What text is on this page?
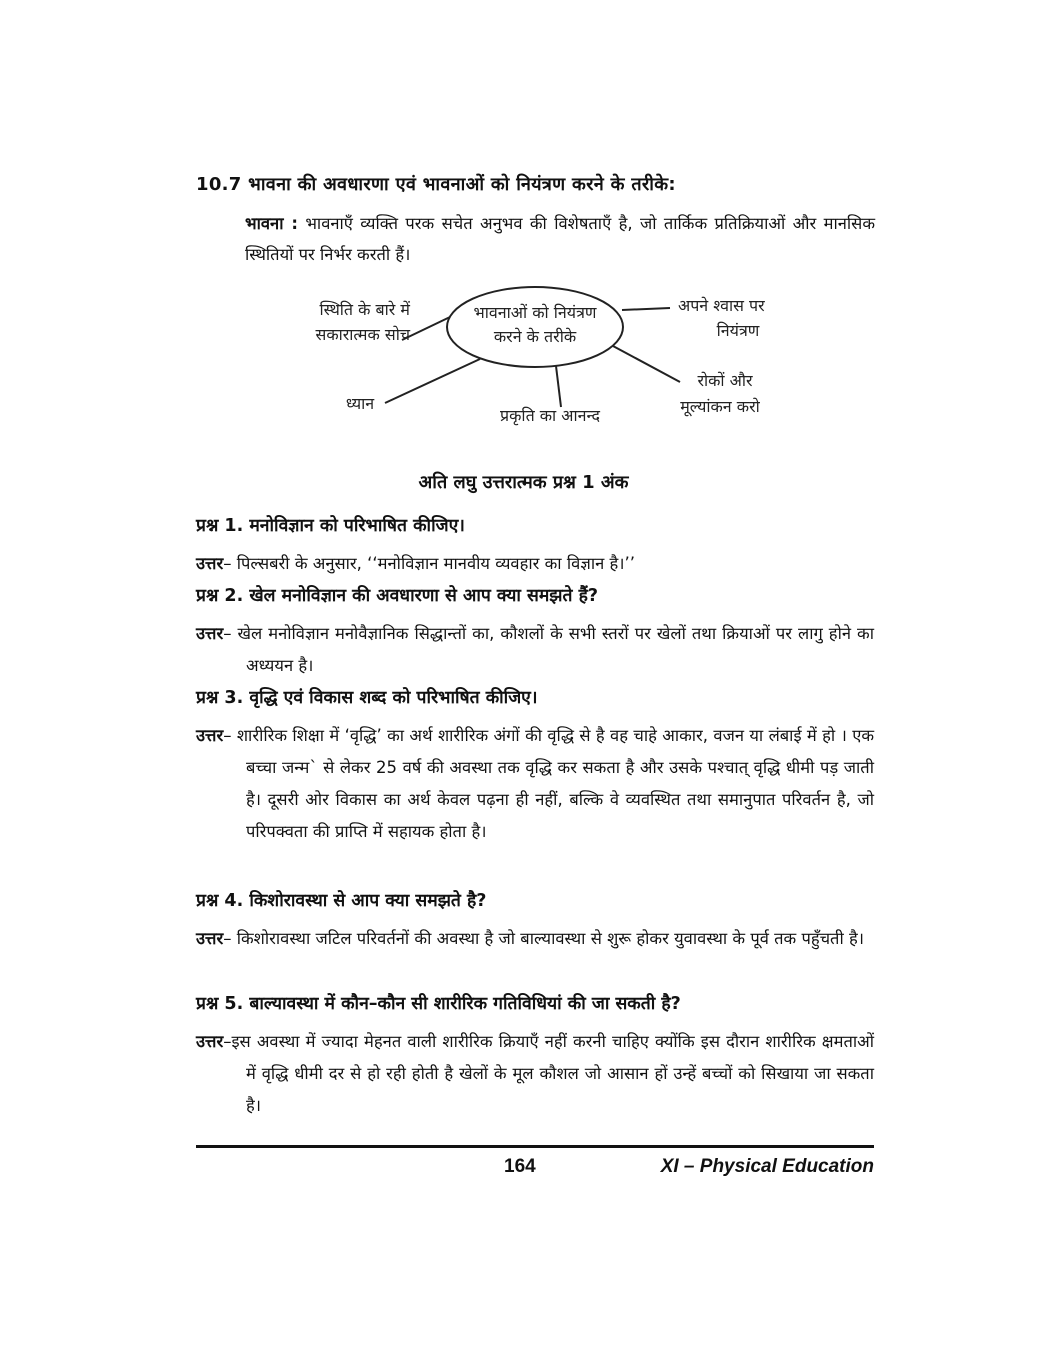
10.7 भावना की अवधारणा एवं भावनाओं को नियंत्रण करने के तरीके:
भावना : भावनाएँ व्यक्ति परक सचेत अनुभव की विशेषताएँ है, जो तार्किक प्रतिक्रियाओं और मानसिक स्थितियों पर निर्भर करती हैं।
भावनाओं को नियंत्रण
करने के तरीके
स्थिति के बारे में
सकारात्मक सोच
अपने श्वास पर
नियंत्रण
ध्यान
प्रकृति का आनन्द
रोकों और
मूल्यांकन करो
अति लघु उत्तरात्मक प्रश्न 1 अंक
प्रश्न 1. मनोविज्ञान को परिभाषित कीजिए।
उत्तर– पिल्सबरी के अनुसार, ‘‘मनोविज्ञान मानवीय व्यवहार का विज्ञान है।’’
प्रश्न 2. खेल मनोविज्ञान की अवधारणा से आप क्या समझते हैं?
उत्तर– खेल मनोविज्ञान मनोवैज्ञानिक सिद्धान्तों का, कौशलों के सभी स्तरों पर खेलों तथा क्रियाओं पर लागु होने का अध्ययन है।
प्रश्न 3. वृद्धि एवं विकास शब्द को परिभाषित कीजिए।
उत्तर– शारीरिक शिक्षा में ‘वृद्धि’ का अर्थ शारीरिक अंगों की वृद्धि से है वह चाहे आकार, वजन या लंबाई में हो । एक बच्चा जन्म` से लेकर 25 वर्ष की अवस्था तक वृद्धि कर सकता है और उसके पश्चात् वृद्धि धीमी पड़ जाती है। दूसरी ओर विकास का अर्थ केवल पढ़ना ही नहीं, बल्कि वे व्यवस्थित तथा समानुपात परिवर्तन है, जो परिपक्वता की प्राप्ति में सहायक होता है।
प्रश्न 4. किशोरावस्था से आप क्या समझते है?
उत्तर– किशोरावस्था जटिल परिवर्तनों की अवस्था है जो बाल्यावस्था से शुरू होकर युवावस्था के पूर्व तक पहुँचती है।
प्रश्न 5. बाल्यावस्था में कौन–कौन सी शारीरिक गतिविधियां की जा सकती है?
उत्तर–इस अवस्था में ज्यादा मेहनत वाली शारीरिक क्रियाएँ नहीं करनी चाहिए क्योंकि इस दौरान शारीरिक क्षमताओं में वृद्धि धीमी दर से हो रही होती है खेलों के मूल कौशल जो आसान हों उन्हें बच्चों को सिखाया जा सकता है।
164	XI – Physical Education
